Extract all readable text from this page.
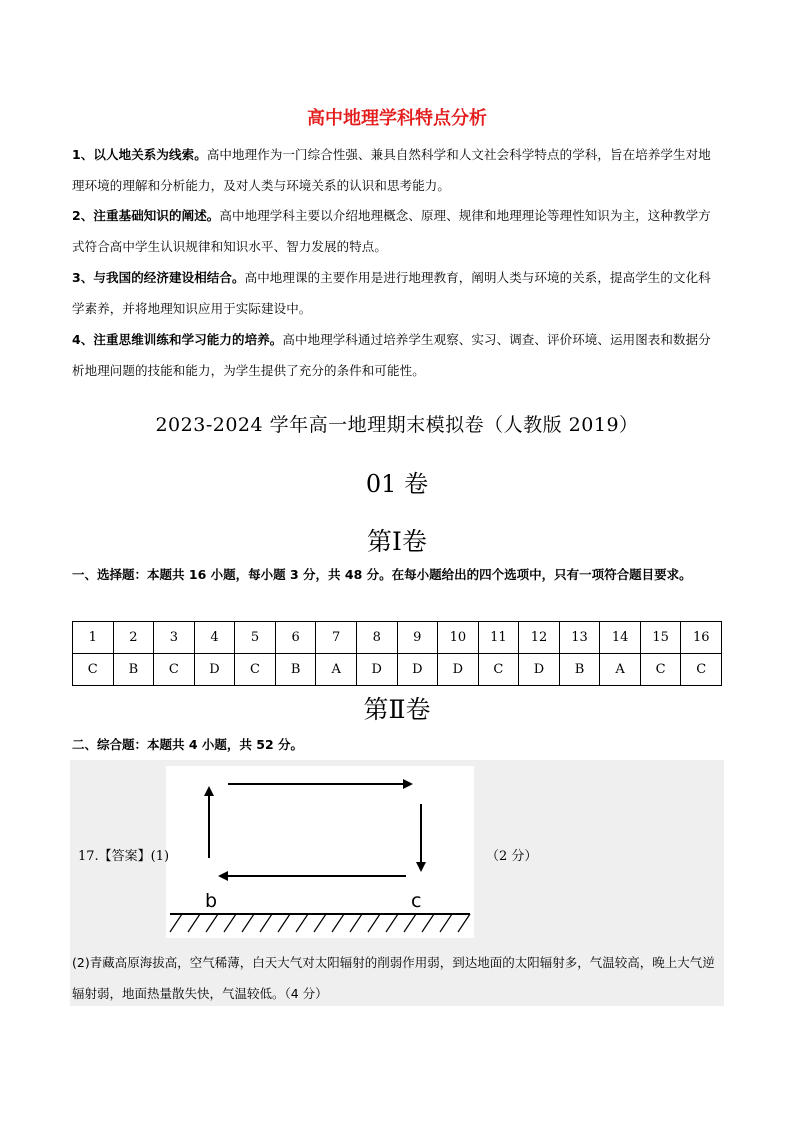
高中地理学科特点分析
1、以人地关系为线索。高中地理作为一门综合性强、兼具自然科学和人文社会科学特点的学科，旨在培养学生对地理环境的理解和分析能力，及对人类与环境关系的认识和思考能力。
2、注重基础知识的阐述。高中地理学科主要以介绍地理概念、原理、规律和地理理论等理性知识为主，这种教学方式符合高中学生认识规律和知识水平、智力发展的特点。
3、与我国的经济建设相结合。高中地理课的主要作用是进行地理教育，阐明人类与环境的关系，提高学生的文化科学素养，并将地理知识应用于实际建设中。
4、注重思维训练和学习能力的培养。高中地理学科通过培养学生观察、实习、调查、评价环境、运用图表和数据分析地理问题的技能和能力，为学生提供了充分的条件和可能性。
2023-2024 学年高一地理期末模拟卷（人教版 2019）
01 卷
第Ⅰ卷
一、选择题：本题共 16 小题，每小题 3 分，共 48 分。在每小题给出的四个选项中，只有一项符合题目要求。
1	2	3	4	5	6	7	8	9	10	11	12	13	14	15	16
C	B	C	D	C	B	A	D	D	D	C	D	B	A	C	C
第Ⅱ卷
二、综合题：本题共 4 小题，共 52 分。
b	c
17.【答案】(1)	（2 分）
(2)青藏高原海拔高，空气稀薄，白天大气对太阳辐射的削弱作用弱，到达地面的太阳辐射多，气温较高，晚上大气逆辐射弱，地面热量散失快，气温较低。（4 分）
